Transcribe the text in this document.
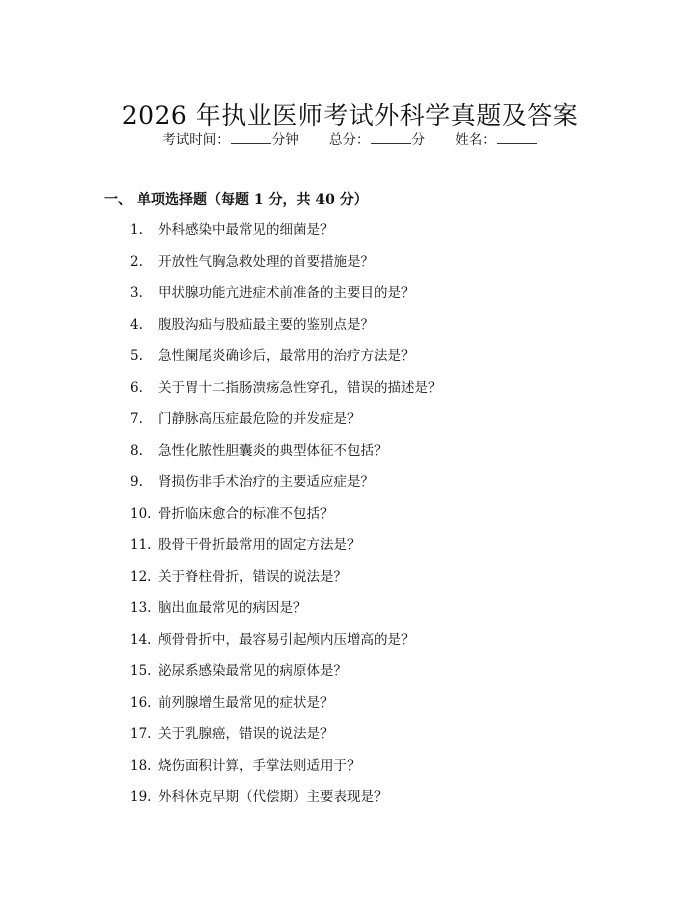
2026 年执业医师考试外科学真题及答案
考试时间：	分钟 总分：	分 姓名：
一、 单项选择题（每题 1 分，共 40 分）
1.	外科感染中最常见的细菌是？
2.	开放性气胸急救处理的首要措施是？
3.	甲状腺功能亢进症术前准备的主要目的是？
4.	腹股沟疝与股疝最主要的鉴别点是？
5.	急性阑尾炎确诊后，最常用的治疗方法是？
6.	关于胃十二指肠溃疡急性穿孔，错误的描述是？
7.	门静脉高压症最危险的并发症是？
8.	急性化脓性胆囊炎的典型体征不包括？
9.	肾损伤非手术治疗的主要适应症是？
10. 骨折临床愈合的标准不包括？
11. 股骨干骨折最常用的固定方法是？
12. 关于脊柱骨折，错误的说法是？
13. 脑出血最常见的病因是？
14. 颅骨骨折中，最容易引起颅内压增高的是？
15. 泌尿系感染最常见的病原体是？
16. 前列腺增生最常见的症状是？
17. 关于乳腺癌，错误的说法是？
18. 烧伤面积计算，手掌法则适用于？
19. 外科休克早期（代偿期）主要表现是？
